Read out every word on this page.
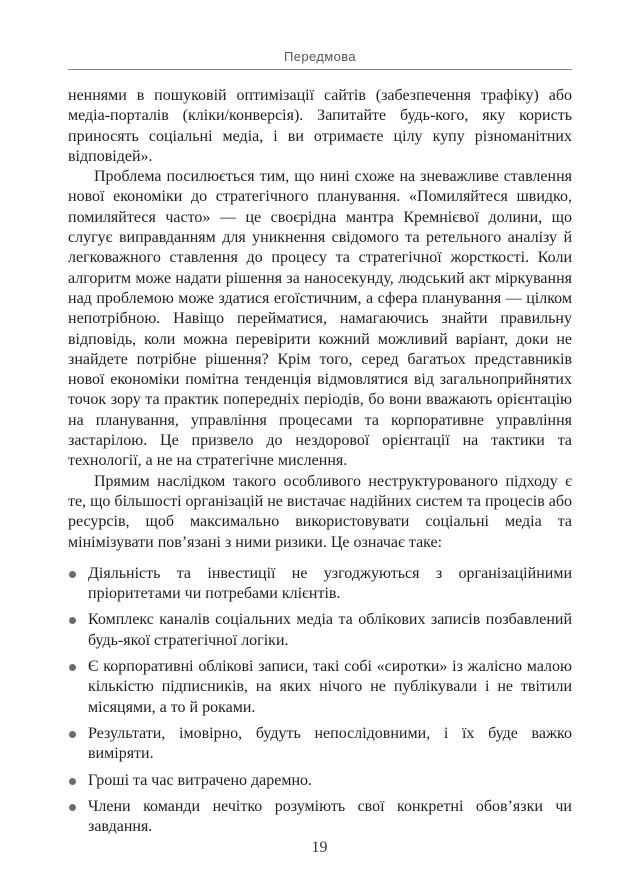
Передмова

неннями в пошуковій оптимізації сайтів (забезпечення трафіку) або медіа-порталів (кліки/конверсія). Запитайте будь-кого, яку користь приносять соціальні медіа, і ви отримаєте цілу купу різноманітних відповідей».

Проблема посилюється тим, що нині схоже на зневажливе ставлення нової економіки до стратегічного планування. «Помиляйтеся швидко, помиляйтеся часто» — це своєрідна мантра Кремнієвої долини, що слугує виправданням для уникнення свідомого та ретельного аналізу й легковажного ставлення до процесу та стратегічної жорсткості. Коли алгоритм може надати рішення за наносекунду, людський акт міркування над проблемою може здатися егоїстичним, а сфера планування — цілком непотрібною. Навіщо перейматися, намагаючись знайти правильну відповідь, коли можна перевірити кожний можливий варіант, доки не знайдете потрібне рішення? Крім того, серед багатьох представників нової економіки помітна тенденція відмовлятися від загальноприйнятих точок зору та практик попередніх періодів, бо вони вважають орієнтацію на планування, управління процесами та корпоративне управління застарілою. Це призвело до нездорової орієнтації на тактики та технології, а не на стратегічне мислення.

Прямим наслідком такого особливого неструктурованого підходу є те, що більшості організацій не вистачає надійних систем та процесів або ресурсів, щоб максимально використовувати соціальні медіа та мінімізувати пов’язані з ними ризики. Це означає таке:

Діяльність та інвестиції не узгоджуються з організаційними пріоритетами чи потребами клієнтів.
Комплекс каналів соціальних медіа та облікових записів позбавлений будь-якої стратегічної логіки.
Є корпоративні облікові записи, такі собі «сиротки» із жалісно малою кількістю підписників, на яких нічого не публікували і не твітили місяцями, а то й роками.
Результати, імовірно, будуть непослідовними, і їх буде важко виміряти.
Гроші та час витрачено даремно.
Члени команди нечітко розуміють свої конкретні обов’язки чи завдання.
19
